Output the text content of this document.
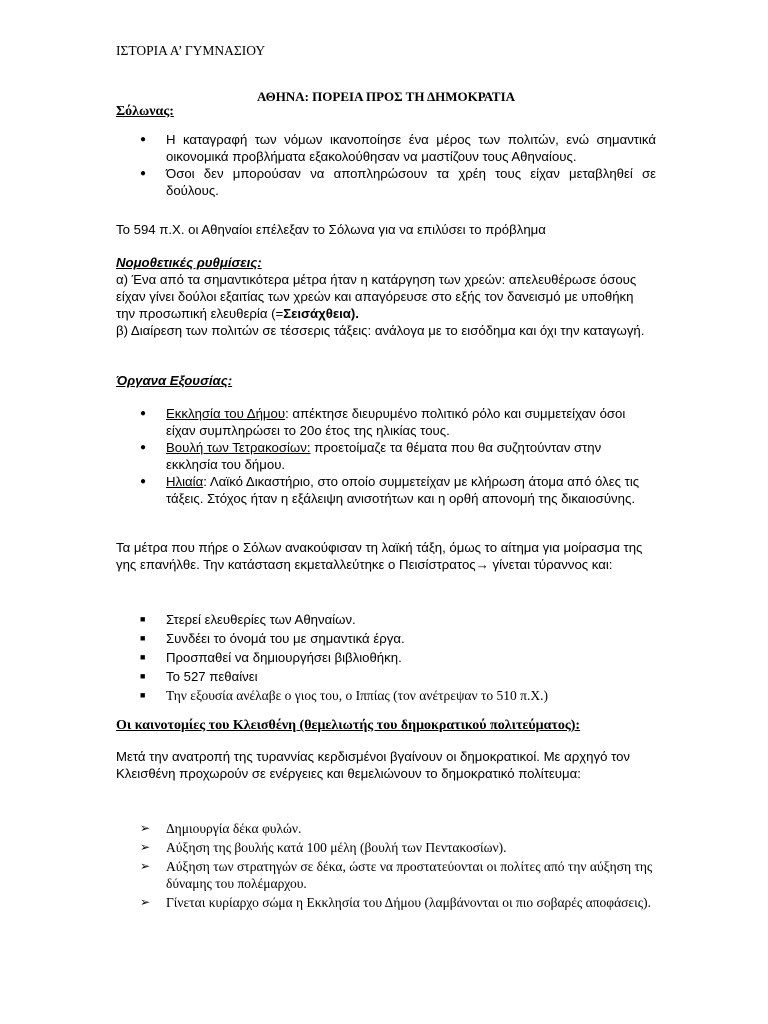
ΙΣΤΟΡΙΑ Α’ ΓΥΜΝΑΣΙΟΥ
ΑΘΗΝΑ: ΠΟΡΕΙΑ ΠΡΟΣ ΤΗ ΔΗΜΟΚΡΑΤΙΑ
Σόλωνας:
● Η καταγραφή των νόμων ικανοποίησε ένα μέρος των πολιτών, ενώ σημαντικά οικονομικά προβλήματα εξακολούθησαν να μαστίζουν τους Αθηναίους.
● Όσοι δεν μπορούσαν να αποπληρώσουν τα χρέη τους είχαν μεταβληθεί σε δούλους.
Το 594 π.Χ. οι Αθηναίοι επέλεξαν το Σόλωνα για να επιλύσει το πρόβλημα
Νομοθετικές ρυθμίσεις:
α) Ένα από τα σημαντικότερα μέτρα ήταν η κατάργηση των χρεών: απελευθέρωσε όσους είχαν γίνει δούλοι εξαιτίας των χρεών και απαγόρευσε στο εξής τον δανεισμό με υποθήκη την προσωπική ελευθερία (=Σεισάχθεια).
β) Διαίρεση των πολιτών σε τέσσερις τάξεις: ανάλογα με το εισόδημα και όχι την καταγωγή.
Όργανα Εξουσίας:
● Εκκλησία του Δήμου: απέκτησε διευρυμένο πολιτικό ρόλο και συμμετείχαν όσοι είχαν συμπληρώσει το 20ο έτος της ηλικίας τους.
● Βουλή των Τετρακοσίων: προετοίμαζε τα θέματα που θα συζητούνταν στην εκκλησία του δήμου.
● Ηλιαία: Λαϊκό Δικαστήριο, στο οποίο συμμετείχαν με κλήρωση άτομα από όλες τις τάξεις. Στόχος ήταν η εξάλειψη ανισοτήτων και η ορθή απονομή της δικαιοσύνης.
Τα μέτρα που πήρε ο Σόλων ανακούφισαν τη λαϊκή τάξη, όμως το αίτημα για μοίρασμα της γης επανήλθε. Την κατάσταση εκμεταλλεύτηκε ο Πεισίστρατος→ γίνεται τύραννος και:
■ Στερεί ελευθερίες των Αθηναίων.
■ Συνδέει το όνομά του με σημαντικά έργα.
■ Προσπαθεί να δημιουργήσει βιβλιοθήκη.
■ Το 527 πεθαίνει
■ Την εξουσία ανέλαβε ο γιος του, ο Ιππίας (τον ανέτρεψαν το 510 π.Χ.)
Οι καινοτομίες του Κλεισθένη (θεμελιωτής του δημοκρατικού πολιτεύματος):
Μετά την ανατροπή της τυραννίας κερδισμένοι βγαίνουν οι δημοκρατικοί. Με αρχηγό τον Κλεισθένη προχωρούν σε ενέργειες και θεμελιώνουν το δημοκρατικό πολίτευμα:
➢ Δημιουργία δέκα φυλών.
➢ Αύξηση της βουλής κατά 100 μέλη (βουλή των Πεντακοσίων).
➢ Αύξηση των στρατηγών σε δέκα, ώστε να προστατεύονται οι πολίτες από την αύξηση της δύναμης του πολέμαρχου.
➢ Γίνεται κυρίαρχο σώμα η Εκκλησία του Δήμου (λαμβάνονται οι πιο σοβαρές αποφάσεις).
